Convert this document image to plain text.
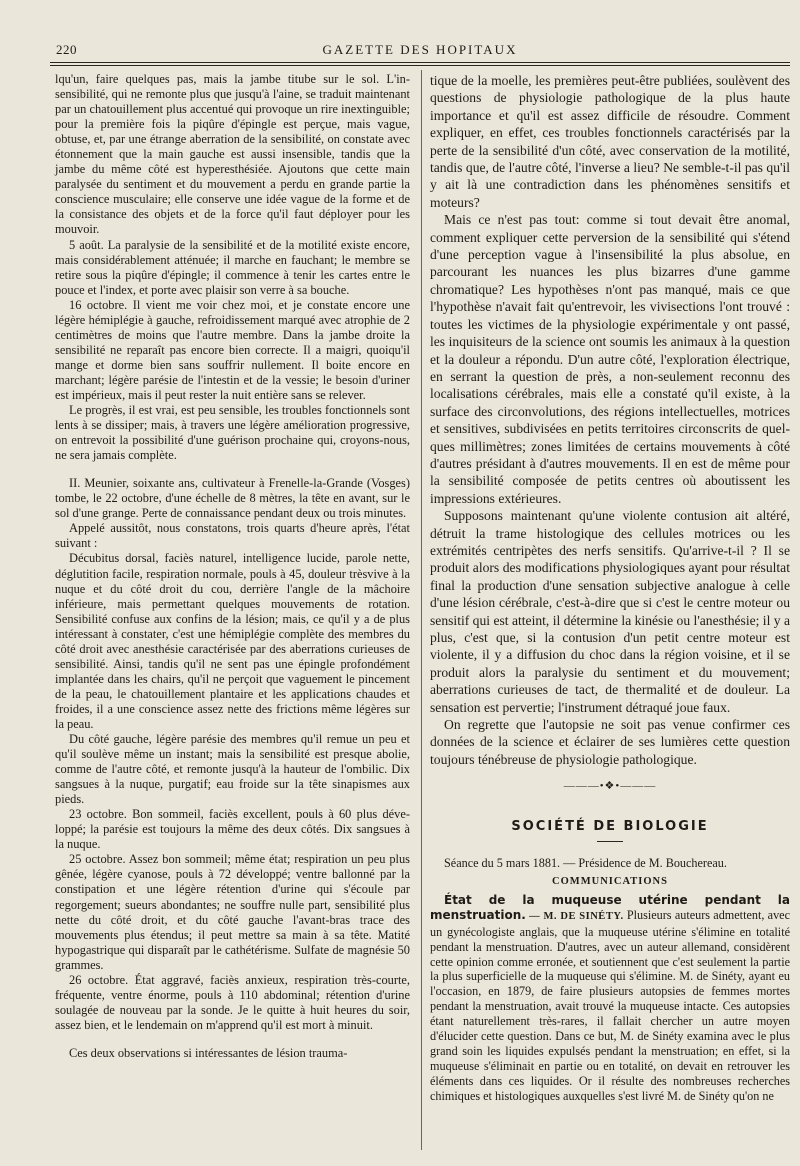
220	GAZETTE DES HOPITAUX

lqu'un, faire quelques pas, mais la jambe titube sur le sol. L'insensibilité, qui ne remonte plus que jusqu'à l'aine, se traduit maintenant par un chatouillement plus accentué qui provoque un rire inextinguible; pour la première fois la piqûre d'épingle est perçue, mais vague, obtuse, et, par une étrange aberration de la sensibilité, on constate avec étonnement que la main gauche est aussi insensible, tandis que la jambe du même côté est hyperesthésiée. Ajoutons que cette main paralysée du sentiment et du mouvement a perdu en grande partie la conscience musculaire; elle conserve une idée vague de la forme et de la consistance des objets et de la force qu'il faut déployer pour les mouvoir.

5 août. La paralysie de la sensibilité et de la motilité existe encore, mais considérablement atténuée; il marche en fauchant; le membre se retire sous la piqûre d'épingle; il commence à tenir les cartes entre le pouce et l'index, et porte avec plaisir son verre à sa bouche.

16 octobre. Il vient me voir chez moi, et je constate encore une légère hémiplégie à gauche, refroidissement marqué avec atrophie de 2 centimètres de moins que l'autre membre. Dans la jambe droite la sensibilité ne reparaît pas encore bien correcte. Il a maigri, quoiqu'il mange et dorme bien sans souffrir nullement. Il boite encore en marchant; légère parésie de l'intestin et de la vessie; le besoin d'uriner est impérieux, mais il peut rester la nuit entière sans se relever.

Le progrès, il est vrai, est peu sensible, les troubles fonctionnels sont lents à se dissiper; mais, à travers une légère amélioration progressive, on entrevoit la possibilité d'une guérison prochaine qui, croyons-nous, ne sera jamais complète.

II. Meunier, soixante ans, cultivateur à Frenelle-la-Grande (Vosges) tombe, le 22 octobre, d'une échelle de 8 mètres, la tête en avant, sur le sol d'une grange. Perte de connaissance pendant deux ou trois minutes.

Appelé aussitôt, nous constatons, trois quarts d'heure après, l'état suivant :

Décubitus dorsal, faciès naturel, intelligence lucide, parole nette, déglutition facile, respiration normale, pouls à 45, douleur trèsvive à la nuque et du côté droit du cou, derrière l'angle de la mâchoire inférieure, mais permettant quelques mouvements de rotation. Sensibilité confuse aux confins de la lésion; mais, ce qu'il y a de plus intéressant à constater, c'est une hémiplégie complète des membres du côté droit avec anesthésie caractérisée par des aberrations curieuses de sensibilité. Ainsi, tandis qu'il ne sent pas une épingle profondément implantée dans les chairs, qu'il ne perçoit que vaguement le pincement de la peau, le chatouillement plantaire et les applications chaudes et froides, il a une conscience assez nette des frictions même légères sur la peau.

Du côté gauche, légère parésie des membres qu'il remue un peu et qu'il soulève même un instant; mais la sensibilité est presque abolie, comme de l'autre côté, et remonte jusqu'à la hauteur de l'ombilic. Dix sangsues à la nuque, purgatif; eau froide sur la tête sinapismes aux pieds.

23 octobre. Bon sommeil, faciès excellent, pouls à 60 plus développé; la parésie est toujours la même des deux côtés. Dix sangsues à la nuque.

25 octobre. Assez bon sommeil; même état; respiration un peu plus gênée, légère cyanose, pouls à 72 développé; ventre ballonné par la constipation et une légère rétention d'urine qui s'écoule par regorgement; sueurs abondantes; ne souffre nulle part, sensibilité plus nette du côté droit, et du côté gauche l'avant-bras trace des mouvements plus étendus; il peut mettre sa main à sa tête. Matité hypogastrique qui disparaît par le cathétérisme. Sulfate de magnésie 50 grammes.

26 octobre. État aggravé, faciès anxieux, respiration très-courte, fréquente, ventre énorme, pouls à 110 abdominal; rétention d'urine soulagée de nouveau par la sonde. Je le quitte à huit heures du soir, assez bien, et le lendemain on m'apprend qu'il est mort à minuit.

Ces deux observations si intéressantes de lésion trauma-

tique de la moelle, les premières peut-être publiées, soulèvent des questions de physiologie pathologique de la plus haute importance et qu'il est assez difficile de résoudre. Comment expliquer, en effet, ces troubles fonctionnels caractérisés par la perte de la sensibilité d'un côté, avec conservation de la motilité, tandis que, de l'autre côté, l'inverse a lieu? Ne semble-t-il pas qu'il y ait là une contradiction dans les phénomènes sensitifs et moteurs?

Mais ce n'est pas tout: comme si tout devait être anomal, comment expliquer cette perversion de la sensibilité qui s'étend d'une perception vague à l'insensibilité la plus absolue, en parcourant les nuances les plus bizarres d'une gamme chromatique? Les hypothèses n'ont pas manqué, mais ce que l'hypothèse n'avait fait qu'entrevoir, les vivisections l'ont trouvé : toutes les victimes de la physiologie expérimentale y ont passé, les inquisiteurs de la science ont soumis les animaux à la question et la douleur a répondu. D'un autre côté, l'exploration électrique, en serrant la question de près, a non-seulement reconnu des localisations cérébrales, mais elle a constaté qu'il existe, à la surface des circonvolutions, des régions intellectuelles, motrices et sensitives, subdivisées en petits territoires circonscrits de quelques millimètres; zones limitées de certains mouvements à côté d'autres présidant à d'autres mouvements. Il en est de même pour la sensibilité composée de petits centres où aboutissent les impressions extérieures.

Supposons maintenant qu'une violente contusion ait altéré, détruit la trame histologique des cellules motrices ou les extrémités centripètes des nerfs sensitifs. Qu'arrive-t-il ? Il se produit alors des modifications physiologiques ayant pour résultat final la production d'une sensation subjective analogue à celle d'une lésion cérébrale, c'est-à-dire que si c'est le centre moteur ou sensitif qui est atteint, il détermine la kinésie ou l'anesthésie; il y a plus, c'est que, si la contusion d'un petit centre moteur est violente, il y a diffusion du choc dans la région voisine, et il se produit alors la paralysie du sentiment et du mouvement; aberrations curieuses de tact, de thermalité et de douleur. La sensation est pervertie; l'instrument détraqué joue faux.

On regrette que l'autopsie ne soit pas venue confirmer ces données de la science et éclairer de ses lumières cette question toujours ténébreuse de physiologie pathologique.

———•❖•———
SOCIÉTÉ DE BIOLOGIE

Séance du 5 mars 1881. — Présidence de M. Bouchereau.

COMMUNICATIONS

État de la muqueuse utérine pendant la menstruation. — M. DE SINÉTY. Plusieurs auteurs admettent, avec un gynécologiste anglais, que la muqueuse utérine s'élimine en totalité pendant la menstruation. D'autres, avec un auteur allemand, considèrent cette opinion comme erronée, et soutiennent que c'est seulement la partie la plus superficielle de la muqueuse qui s'élimine. M. de Sinéty, ayant eu l'occasion, en 1879, de faire plusieurs autopsies de femmes mortes pendant la menstruation, avait trouvé la muqueuse intacte. Ces autopsies étant naturellement très-rares, il fallait chercher un autre moyen d'élucider cette question. Dans ce but, M. de Sinéty examina avec le plus grand soin les liquides expulsés pendant la menstruation; en effet, si la muqueuse s'éliminait en partie ou en totalité, on devait en retrouver les éléments dans ces liquides. Or il résulte des nombreuses recherches chimiques et histologiques auxquelles s'est livré M. de Sinéty qu'on ne
